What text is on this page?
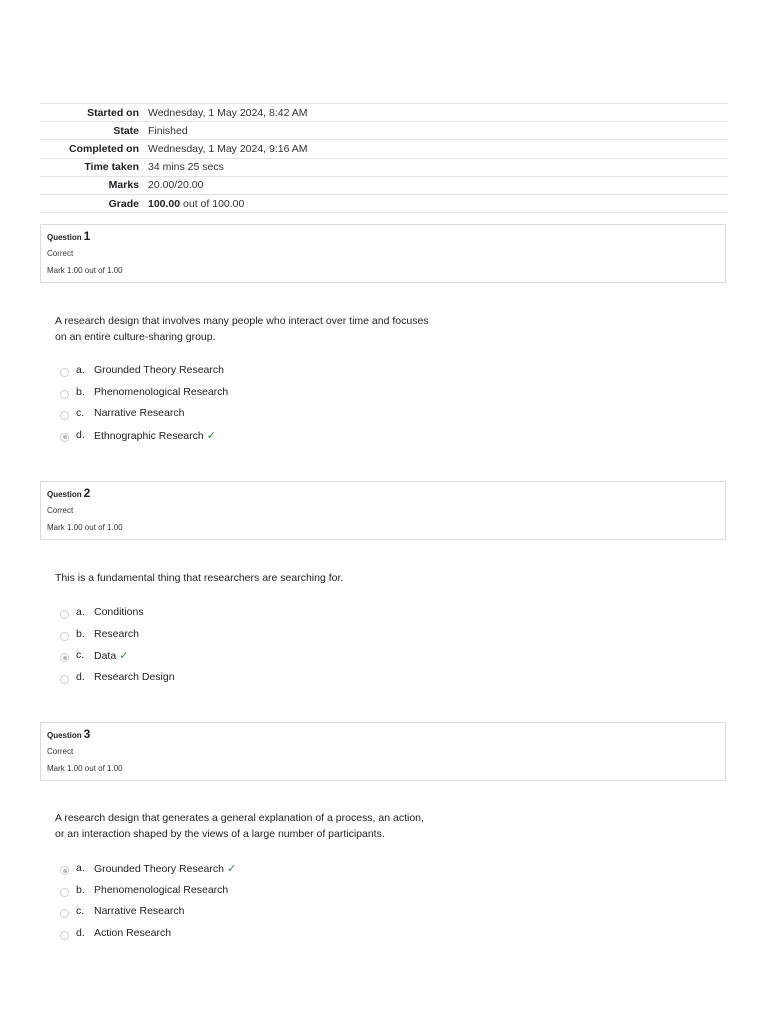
Started on	Wednesday, 1 May 2024, 8:42 AM
State	Finished
Completed on	Wednesday, 1 May 2024, 9:16 AM
Time taken	34 mins 25 secs
Marks	20.00/20.00
Grade	100.00 out of 100.00
Question 1
Correct
Mark 1.00 out of 1.00
A research design that involves many people who interact over time and focuses
on an entire culture-sharing group.
a. Grounded Theory Research
b. Phenomenological Research
c. Narrative Research
d. Ethnographic Research ✓
Question 2
Correct
Mark 1.00 out of 1.00
This is a fundamental thing that researchers are searching for.
a. Conditions
b. Research
c. Data ✓
d. Research Design
Question 3
Correct
Mark 1.00 out of 1.00
A research design that generates a general explanation of a process, an action,
or an interaction shaped by the views of a large number of participants.
a. Grounded Theory Research ✓
b. Phenomenological Research
c. Narrative Research
d. Action Research
